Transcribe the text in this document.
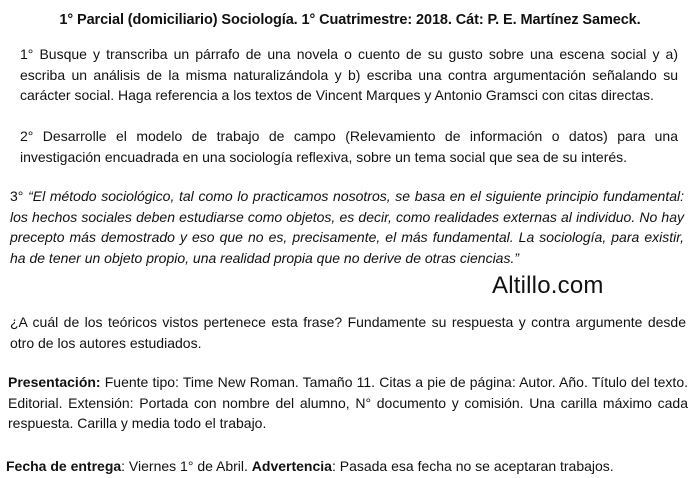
1° Parcial (domiciliario) Sociología. 1° Cuatrimestre: 2018. Cát: P. E. Martínez Sameck.
1° Busque y transcriba un párrafo de una novela o cuento de su gusto sobre una escena social y a) escriba un análisis de la misma naturalizándola y b) escriba una contra argumentación señalando su carácter social. Haga referencia a los textos de Vincent Marques y Antonio Gramsci con citas directas.
2° Desarrolle el modelo de trabajo de campo (Relevamiento de información o datos) para una investigación encuadrada en una sociología reflexiva, sobre un tema social que sea de su interés.
3° “El método sociológico, tal como lo practicamos nosotros, se basa en el siguiente principio fundamental: los hechos sociales deben estudiarse como objetos, es decir, como realidades externas al individuo. No hay precepto más demostrado y eso que no es, precisamente, el más fundamental. La sociología, para existir, ha de tener un objeto propio, una realidad propia que no derive de otras ciencias.”
Altillo.com
¿A cuál de los teóricos vistos pertenece esta frase? Fundamente su respuesta y contra argumente desde otro de los autores estudiados.
Presentación: Fuente tipo: Time New Roman. Tamaño 11. Citas a pie de página: Autor. Año. Título del texto. Editorial. Extensión: Portada con nombre del alumno, N° documento y comisión. Una carilla máximo cada respuesta. Carilla y media todo el trabajo.
Fecha de entrega: Viernes 1° de Abril. Advertencia: Pasada esa fecha no se aceptaran trabajos.
